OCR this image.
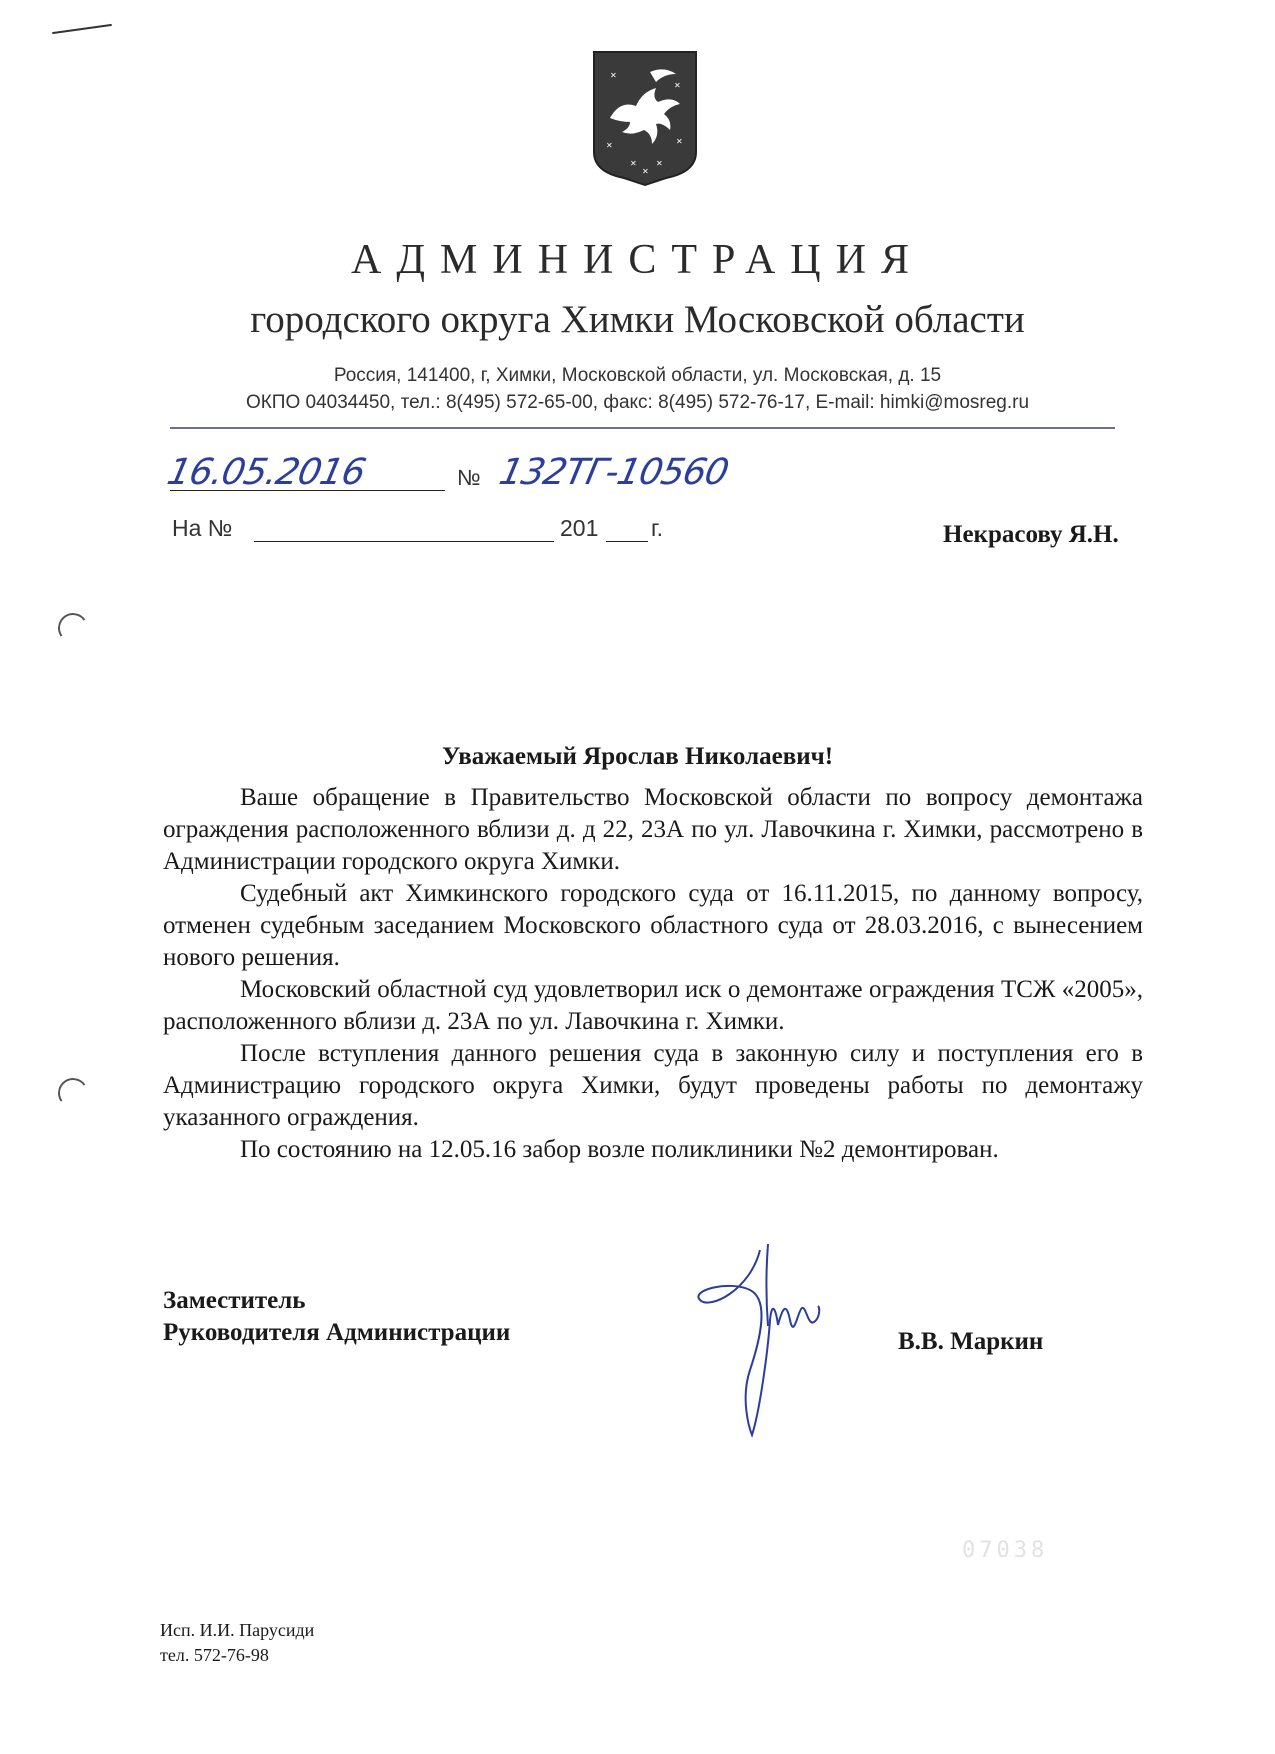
✕
✕
✕	✕
✕ ✕
✕
АДМИНИСТРАЦИЯ
городского округа Химки Московской области
Россия, 141400, г, Химки, Московской области, ул. Московская, д. 15
ОКПО 04034450, тел.: 8(495) 572-65-00, факс: 8(495) 572-76-17, E-mail: himki@mosreg.ru
16.05.2016	№ 132ТГ-10560
На №	201 г.	Некрасову Я.Н.
Уважаемый Ярослав Николаевич!

Ваше обращение в Правительство Московской области по вопросу демонтажа ограждения расположенного вблизи д. д 22, 23А по ул. Лавочкина г. Химки, рассмотрено в Администрации городского округа Химки.

Судебный акт Химкинского городского суда от 16.11.2015, по данному вопросу, отменен судебным заседанием Московского областного суда от 28.03.2016, с вынесением нового решения.

Московский областной суд удовлетворил иск о демонтаже ограждения ТСЖ «2005», расположенного вблизи д. 23А по ул. Лавочкина г. Химки.

После вступления данного решения суда в законную силу и поступления его в Администрацию городского округа Химки, будут проведены работы по демонтажу указанного ограждения.

По состоянию на 12.05.16 забор возле поликлиники №2 демонтирован.

Заместитель
Руководителя Администрации	В.В. Маркин
07038
Исп. И.И. Парусиди
тел. 572-76-98
